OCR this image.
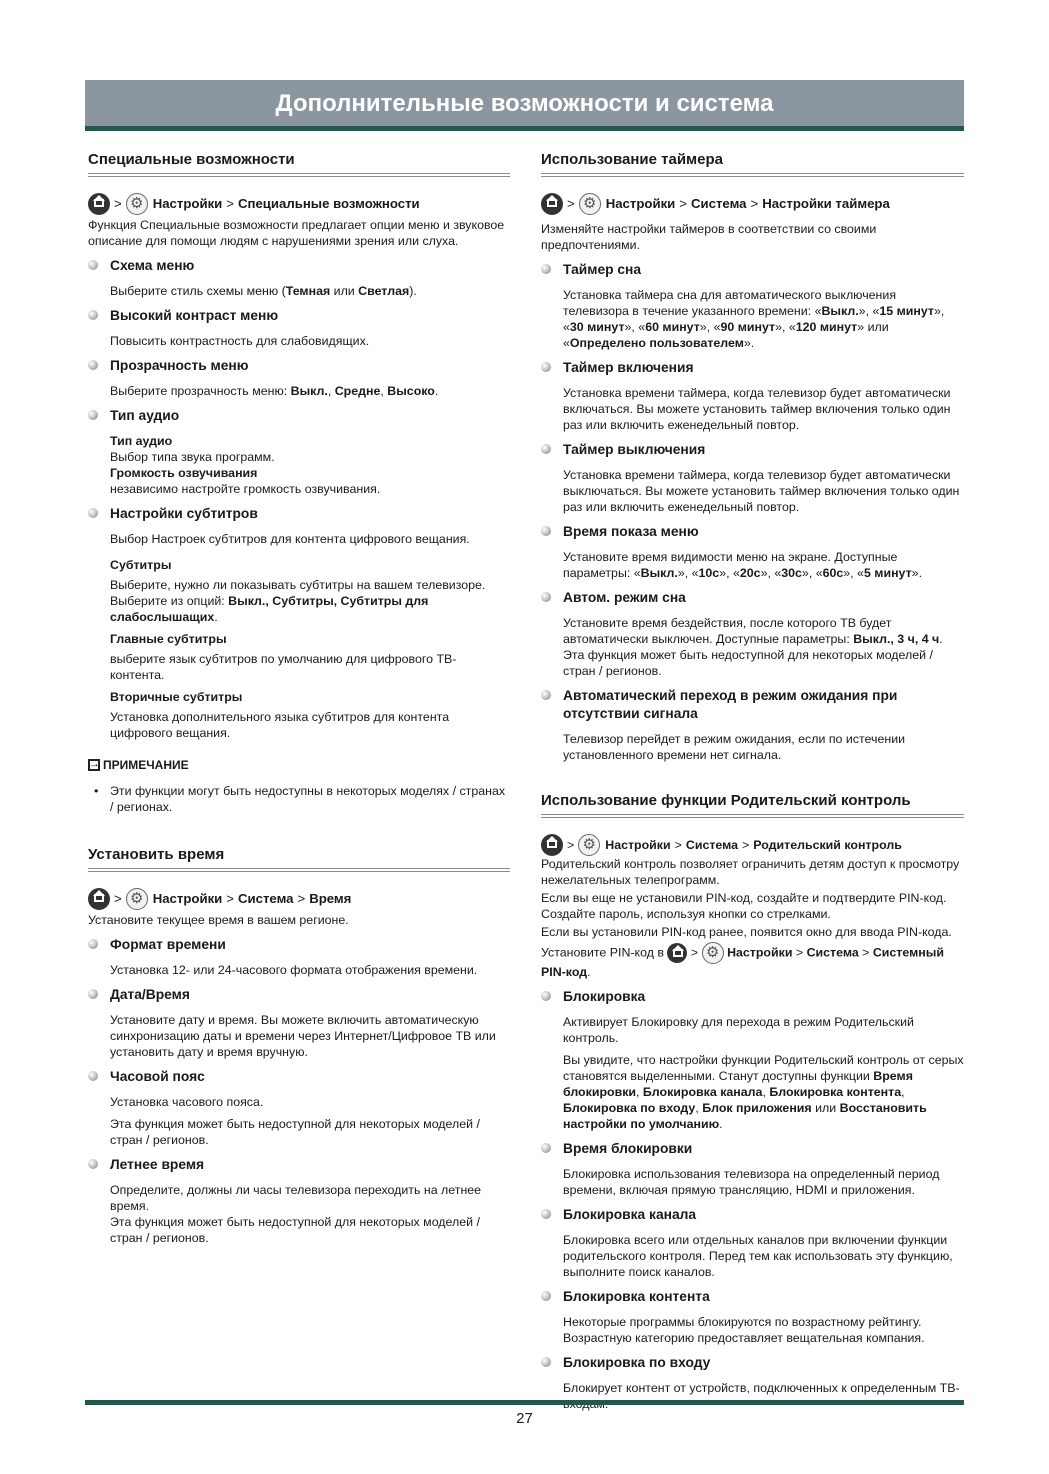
Дополнительные возможности и система
Специальные возможности
> ⚙ Настройки > Специальные возможности
Функция Специальные возможности предлагает опции меню и звуковое описание для помощи людям с нарушениями зрения или слуха.
Схема меню
Выберите стиль схемы меню (Темная или Светлая).
Высокий контраст меню
Повысить контрастность для слабовидящих.
Прозрачность меню
Выберите прозрачность меню: Выкл., Средне, Высоко.
Тип аудио
Тип аудио
Выбор типа звука программ.
Громкость озвучивания
независимо настройте громкость озвучивания.
Настройки субтитров
Выбор Настроек субтитров для контента цифрового вещания.
Субтитры
Выберите, нужно ли показывать субтитры на вашем телевизоре. Выберите из опций: Выкл., Субтитры, Субтитры для слабослышащих.
Главные субтитры
выберите язык субтитров по умолчанию для цифрового ТВ-контента.
Вторичные субтитры
Установка дополнительного языка субтитров для контента цифрового вещания.
→
ПРИМЕЧАНИЕ
• Эти функции могут быть недоступны в некоторых моделях / странах / регионах.
Установить время
> ⚙ Настройки > Система > Время
Установите текущее время в вашем регионе.
Формат времени
Установка 12- или 24-часового формата отображения времени.
Дата/Время
Установите дату и время. Вы можете включить автоматическую синхронизацию даты и времени через Интернет/Цифровое ТВ или установить дату и время вручную.
Часовой пояс
Установка часового пояса.
Эта функция может быть недоступной для некоторых моделей / стран / регионов.
Летнее время
Определите, должны ли часы телевизора переходить на летнее время.
Эта функция может быть недоступной для некоторых моделей / стран / регионов.
Использование таймера
> ⚙ Настройки > Система > Настройки таймера
Изменяйте настройки таймеров в соответствии со своими предпочтениями.
Таймер сна
Установка таймера сна для автоматического выключения телевизора в течение указанного времени: «Выкл.», «15 минут», «30 минут», «60 минут», «90 минут», «120 минут» или «Определено пользователем».
Таймер включения
Установка времени таймера, когда телевизор будет автоматически включаться. Вы можете установить таймер включения только один раз или включить еженедельный повтор.
Таймер выключения
Установка времени таймера, когда телевизор будет автоматически выключаться. Вы можете установить таймер включения только один раз или включить еженедельный повтор.
Время показа меню
Установите время видимости меню на экране. Доступные параметры: «Выкл.», «10с», «20с», «30с», «60с», «5 минут».
Автом. режим сна
Установите время бездействия, после которого ТВ будет автоматически выключен. Доступные параметры: Выкл., 3 ч, 4 ч. Эта функция может быть недоступной для некоторых моделей / стран / регионов.
Автоматический переход в режим ожидания при отсутствии сигнала
Телевизор перейдет в режим ожидания, если по истечении установленного времени нет сигнала.
Использование функции Родительский контроль
> ⚙	Настройки > Система > Родительский контроль
Родительский контроль позволяет ограничить детям доступ к просмотру нежелательных телепрограмм.
Если вы еще не установили PIN-код, создайте и подтвердите PIN-код. Создайте пароль, используя кнопки со стрелками.
Если вы установили PIN-код ранее, появится окно для ввода PIN-кода.
Установите PIN-код в > ⚙ Настройки > Система > Системный PIN-код.
Блокировка
Активирует Блокировку для перехода в режим Родительский контроль.
Вы увидите, что настройки функции Родительский контроль от серых становятся выделенными. Станут доступны функции Время блокировки, Блокировка канала, Блокировка контента, Блокировка по входу, Блок приложения или Восстановить настройки по умолчанию.
Время блокировки
Блокировка использования телевизора на определенный период времени, включая прямую трансляцию, HDMI и приложения.
Блокировка канала
Блокировка всего или отдельных каналов при включении функции родительского контроля. Перед тем как использовать эту функцию, выполните поиск каналов.
Блокировка контента
Некоторые программы блокируются по возрастному рейтингу. Возрастную категорию предоставляет вещательная компания.
Блокировка по входу
Блокирует контент от устройств, подключенных к определенным ТВ-
27
